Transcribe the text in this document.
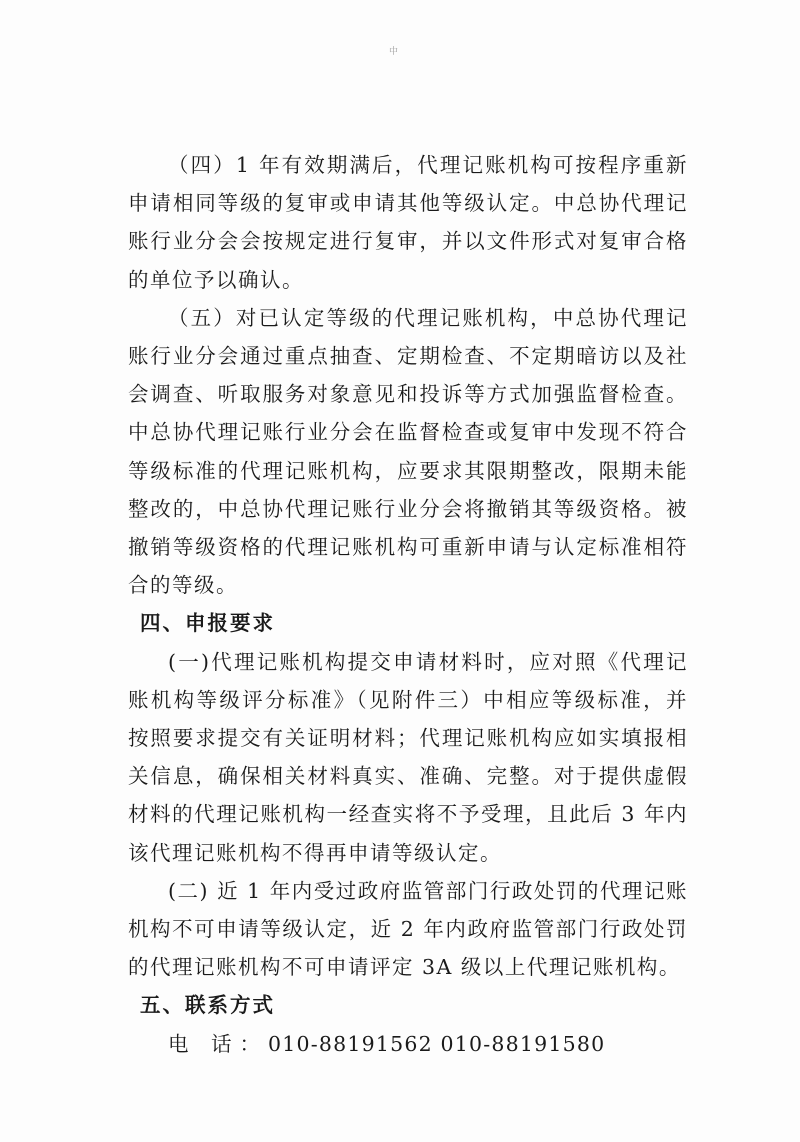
中

（四）1 年有效期满后，代理记账机构可按程序重新申请相同等级的复审或申请其他等级认定。中总协代理记账行业分会会按规定进行复审，并以文件形式对复审合格的单位予以确认。

（五）对已认定等级的代理记账机构，中总协代理记账行业分会通过重点抽查、定期检查、不定期暗访以及社会调查、听取服务对象意见和投诉等方式加强监督检查。中总协代理记账行业分会在监督检查或复审中发现不符合等级标准的代理记账机构，应要求其限期整改，限期未能整改的，中总协代理记账行业分会将撤销其等级资格。被撤销等级资格的代理记账机构可重新申请与认定标准相符合的等级。

四、申报要求

(一)代理记账机构提交申请材料时，应对照《代理记账机构等级评分标准》（见附件三）中相应等级标准，并按照要求提交有关证明材料；代理记账机构应如实填报相关信息，确保相关材料真实、准确、完整。对于提供虚假材料的代理记账机构一经查实将不予受理，且此后 3 年内该代理记账机构不得再申请等级认定。

(二) 近 1 年内受过政府监管部门行政处罚的代理记账机构不可申请等级认定，近 2 年内政府监管部门行政处罚的代理记账机构不可申请评定 3A 级以上代理记账机构。

五、联系方式

电 话：010-88191562 010-88191580
